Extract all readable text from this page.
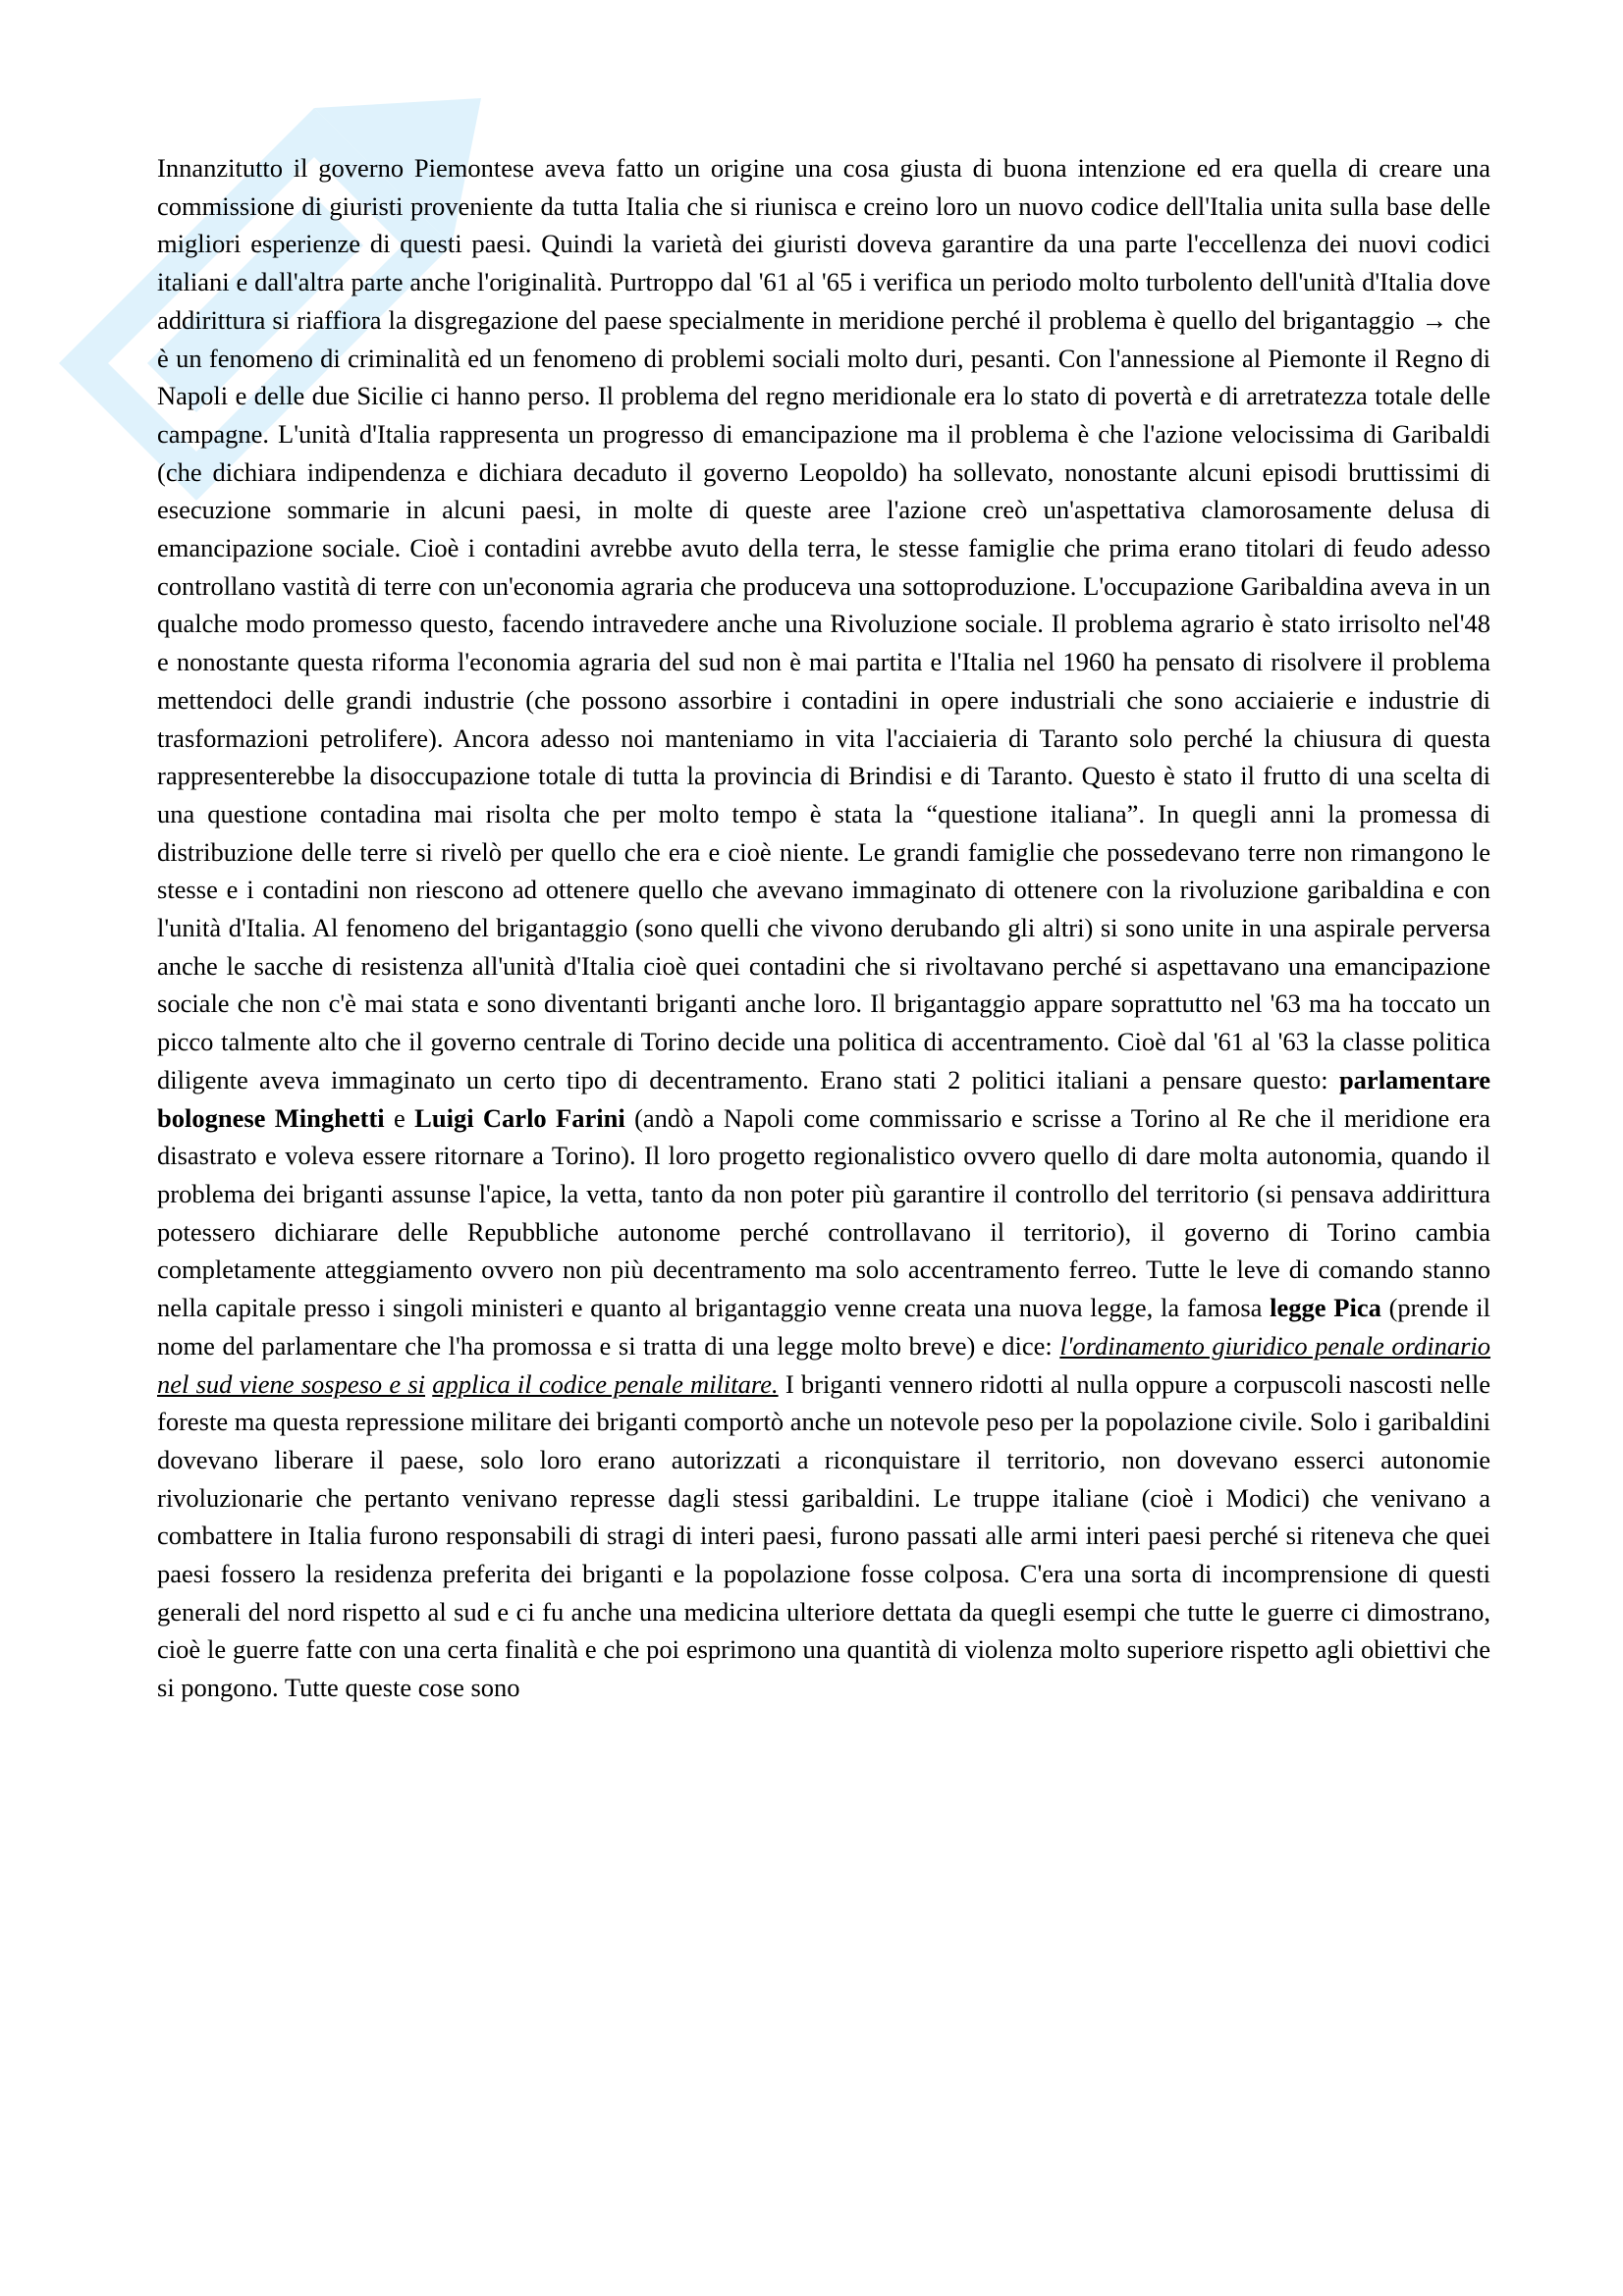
Innanzitutto il governo Piemontese aveva fatto un origine una cosa giusta di buona intenzione ed era quella di creare una commissione di giuristi proveniente da tutta Italia che si riunisca e creino loro un nuovo codice dell'Italia unita sulla base delle migliori esperienze di questi paesi. Quindi la varietà dei giuristi doveva garantire da una parte l'eccellenza dei nuovi codici italiani e dall'altra parte anche l'originalità. Purtroppo dal '61 al '65 i verifica un periodo molto turbolento dell'unità d'Italia dove addirittura si riaffiora la disgregazione del paese specialmente in meridione perché il problema è quello del brigantaggio → che è un fenomeno di criminalità ed un fenomeno di problemi sociali molto duri, pesanti. Con l'annessione al Piemonte il Regno di Napoli e delle due Sicilie ci hanno perso. Il problema del regno meridionale era lo stato di povertà e di arretratezza totale delle campagne. L'unità d'Italia rappresenta un progresso di emancipazione ma il problema è che l'azione velocissima di Garibaldi (che dichiara indipendenza e dichiara decaduto il governo Leopoldo) ha sollevato, nonostante alcuni episodi bruttissimi di esecuzione sommarie in alcuni paesi, in molte di queste aree l'azione creò un'aspettativa clamorosamente delusa di emancipazione sociale. Cioè i contadini avrebbe avuto della terra, le stesse famiglie che prima erano titolari di feudo adesso controllano vastità di terre con un'economia agraria che produceva una sottoproduzione. L'occupazione Garibaldina aveva in un qualche modo promesso questo, facendo intravedere anche una Rivoluzione sociale. Il problema agrario è stato irrisolto nel'48 e nonostante questa riforma l'economia agraria del sud non è mai partita e l'Italia nel 1960 ha pensato di risolvere il problema mettendoci delle grandi industrie (che possono assorbire i contadini in opere industriali che sono acciaierie e industrie di trasformazioni petrolifere). Ancora adesso noi manteniamo in vita l'acciaieria di Taranto solo perché la chiusura di questa rappresenterebbe la disoccupazione totale di tutta la provincia di Brindisi e di Taranto. Questo è stato il frutto di una scelta di una questione contadina mai risolta che per molto tempo è stata la “questione italiana”. In quegli anni la promessa di distribuzione delle terre si rivelò per quello che era e cioè niente. Le grandi famiglie che possedevano terre non rimangono le stesse e i contadini non riescono ad ottenere quello che avevano immaginato di ottenere con la rivoluzione garibaldina e con l'unità d'Italia. Al fenomeno del brigantaggio (sono quelli che vivono derubando gli altri) si sono unite in una aspirale perversa anche le sacche di resistenza all'unità d'Italia cioè quei contadini che si rivoltavano perché si aspettavano una emancipazione sociale che non c'è mai stata e sono diventanti briganti anche loro. Il brigantaggio appare soprattutto nel '63 ma ha toccato un picco talmente alto che il governo centrale di Torino decide una politica di accentramento. Cioè dal '61 al '63 la classe politica diligente aveva immaginato un certo tipo di decentramento. Erano stati 2 politici italiani a pensare questo: parlamentare bolognese Minghetti e Luigi Carlo Farini (andò a Napoli come commissario e scrisse a Torino al Re che il meridione era disastrato e voleva essere ritornare a Torino). Il loro progetto regionalistico ovvero quello di dare molta autonomia, quando il problema dei briganti assunse l'apice, la vetta, tanto da non poter più garantire il controllo del territorio (si pensava addirittura potessero dichiarare delle Repubbliche autonome perché controllavano il territorio), il governo di Torino cambia completamente atteggiamento ovvero non più decentramento ma solo accentramento ferreo. Tutte le leve di comando stanno nella capitale presso i singoli ministeri e quanto al brigantaggio venne creata una nuova legge, la famosa legge Pica (prende il nome del parlamentare che l'ha promossa e si tratta di una legge molto breve) e dice: l'ordinamento giuridico penale ordinario nel sud viene sospeso e si applica il codice penale militare. I briganti vennero ridotti al nulla oppure a corpuscoli nascosti nelle foreste ma questa repressione militare dei briganti comportò anche un notevole peso per la popolazione civile. Solo i garibaldini dovevano liberare il paese, solo loro erano autorizzati a riconquistare il territorio, non dovevano esserci autonomie rivoluzionarie che pertanto venivano represse dagli stessi garibaldini. Le truppe italiane (cioè i Modici) che venivano a combattere in Italia furono responsabili di stragi di interi paesi, furono passati alle armi interi paesi perché si riteneva che quei paesi fossero la residenza preferita dei briganti e la popolazione fosse colposa. C'era una sorta di incomprensione di questi generali del nord rispetto al sud e ci fu anche una medicina ulteriore dettata da quegli esempi che tutte le guerre ci dimostrano, cioè le guerre fatte con una certa finalità e che poi esprimono una quantità di violenza molto superiore rispetto agli obiettivi che si pongono. Tutte queste cose sono
